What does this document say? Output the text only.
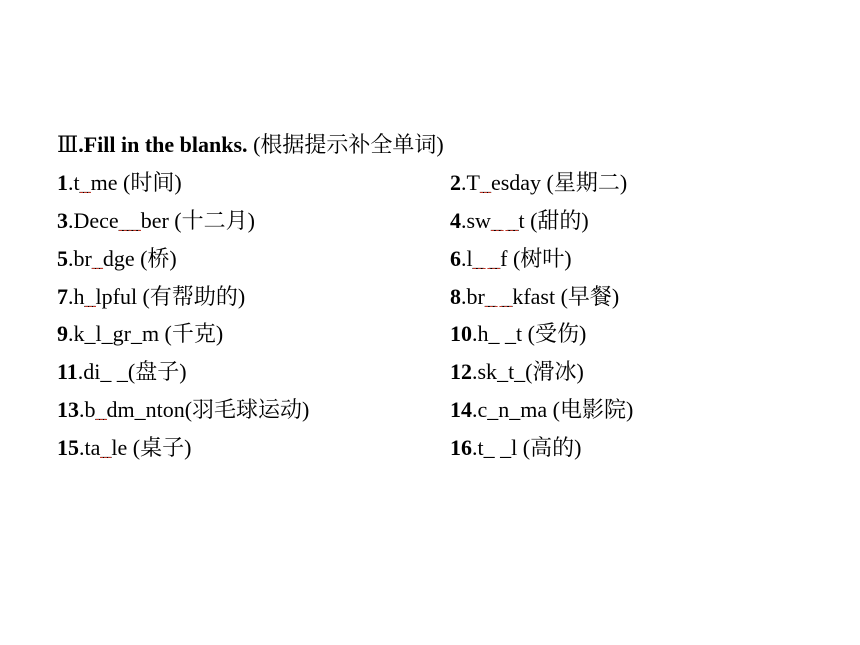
Ⅲ.Fill in the blanks. (根据提示补全单词)
1.t_me (时间)	2.T_esday (星期二)
3.Dece__ber (十二月)	4.sw_ _t (甜的)
5.br_dge (桥)	6.l_ _f (树叶)
7.h_lpful (有帮助的)	8.br_ _kfast (早餐)
9.k_l_gr_m (千克)	10.h_ _t (受伤)
11.di_ _(盘子)	12.sk_t_(滑冰)
13.b_dm_nton(羽毛球运动)	14.c_n_ma (电影院)
15.ta_le (桌子)	16.t_ _l (高的)
